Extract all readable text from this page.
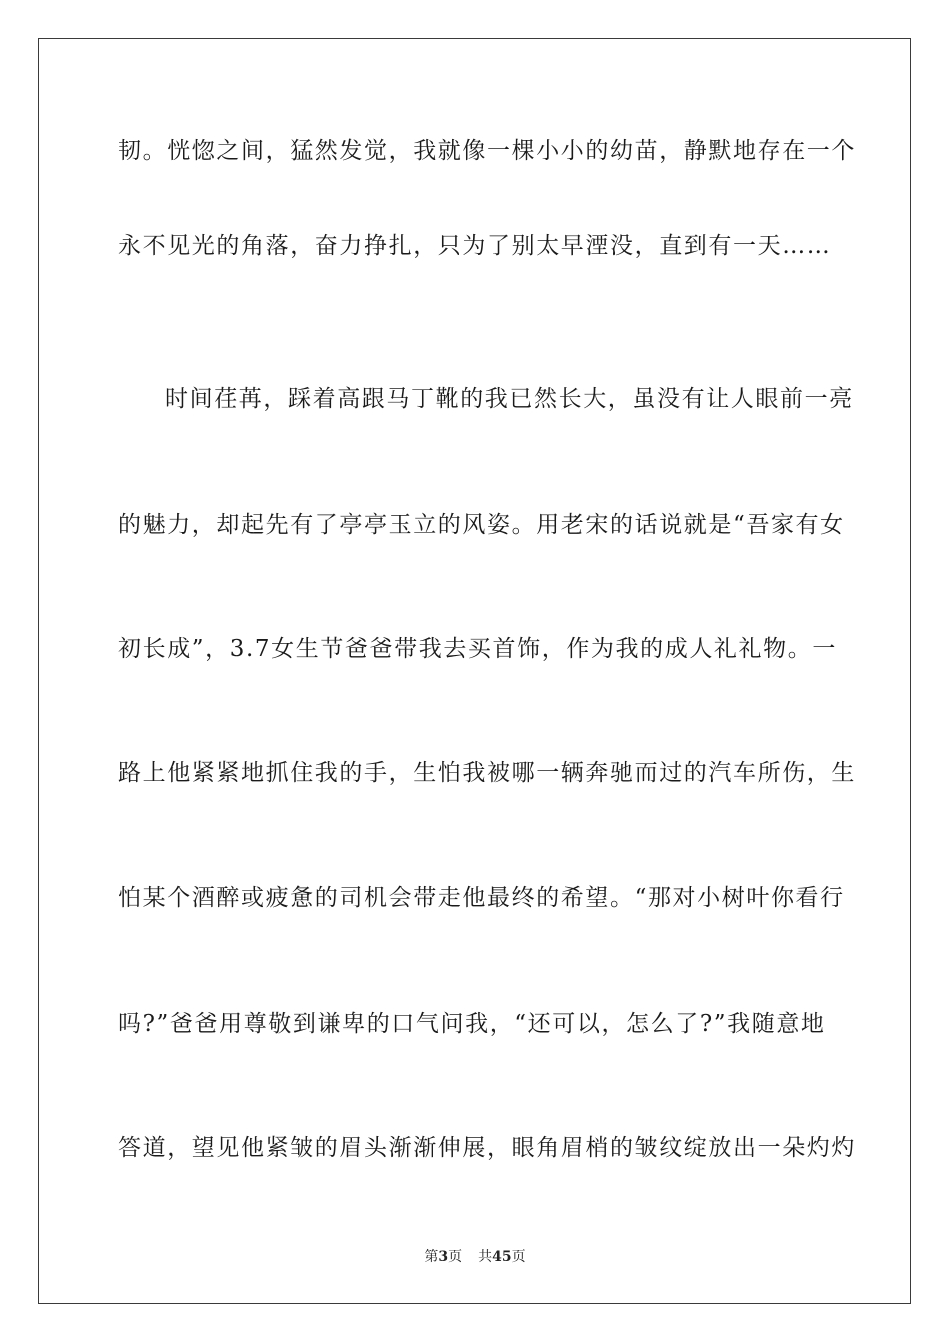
韧。恍惚之间，猛然发觉，我就像一棵小小的幼苗，静默地存在一个
永不见光的角落，奋力挣扎，只为了别太早湮没，直到有一天……
时间荏苒，踩着高跟马丁靴的我已然长大，虽没有让人眼前一亮
的魅力，却起先有了亭亭玉立的风姿。用老宋的话说就是“吾家有女
初长成”，3.7女生节爸爸带我去买首饰，作为我的成人礼礼物。一
路上他紧紧地抓住我的手，生怕我被哪一辆奔驰而过的汽车所伤，生
怕某个酒醉或疲惫的司机会带走他最终的希望。“那对小树叶你看行
吗?”爸爸用尊敬到谦卑的口气问我，“还可以，怎么了?”我随意地
答道，望见他紧皱的眉头渐渐伸展，眼角眉梢的皱纹绽放出一朵灼灼
第3页 共45页
